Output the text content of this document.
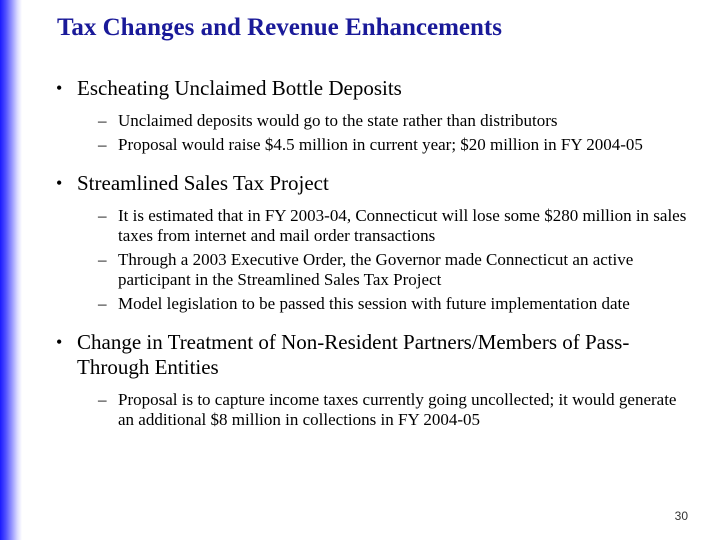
Tax Changes and Revenue Enhancements
• Escheating Unclaimed Bottle Deposits
– Unclaimed deposits would go to the state rather than distributors
– Proposal would raise $4.5 million in current year; $20 million in FY 2004-05
• Streamlined Sales Tax Project
– It is estimated that in FY 2003-04, Connecticut will lose some $280 million in sales taxes from internet and mail order transactions
– Through a 2003 Executive Order, the Governor made Connecticut an active participant in the Streamlined Sales Tax Project
– Model legislation to be passed this session with future implementation date
• Change in Treatment of Non-Resident Partners/Members of Pass-Through Entities
– Proposal is to capture income taxes currently going uncollected; it would generate an additional $8 million in collections in FY 2004-05
30
